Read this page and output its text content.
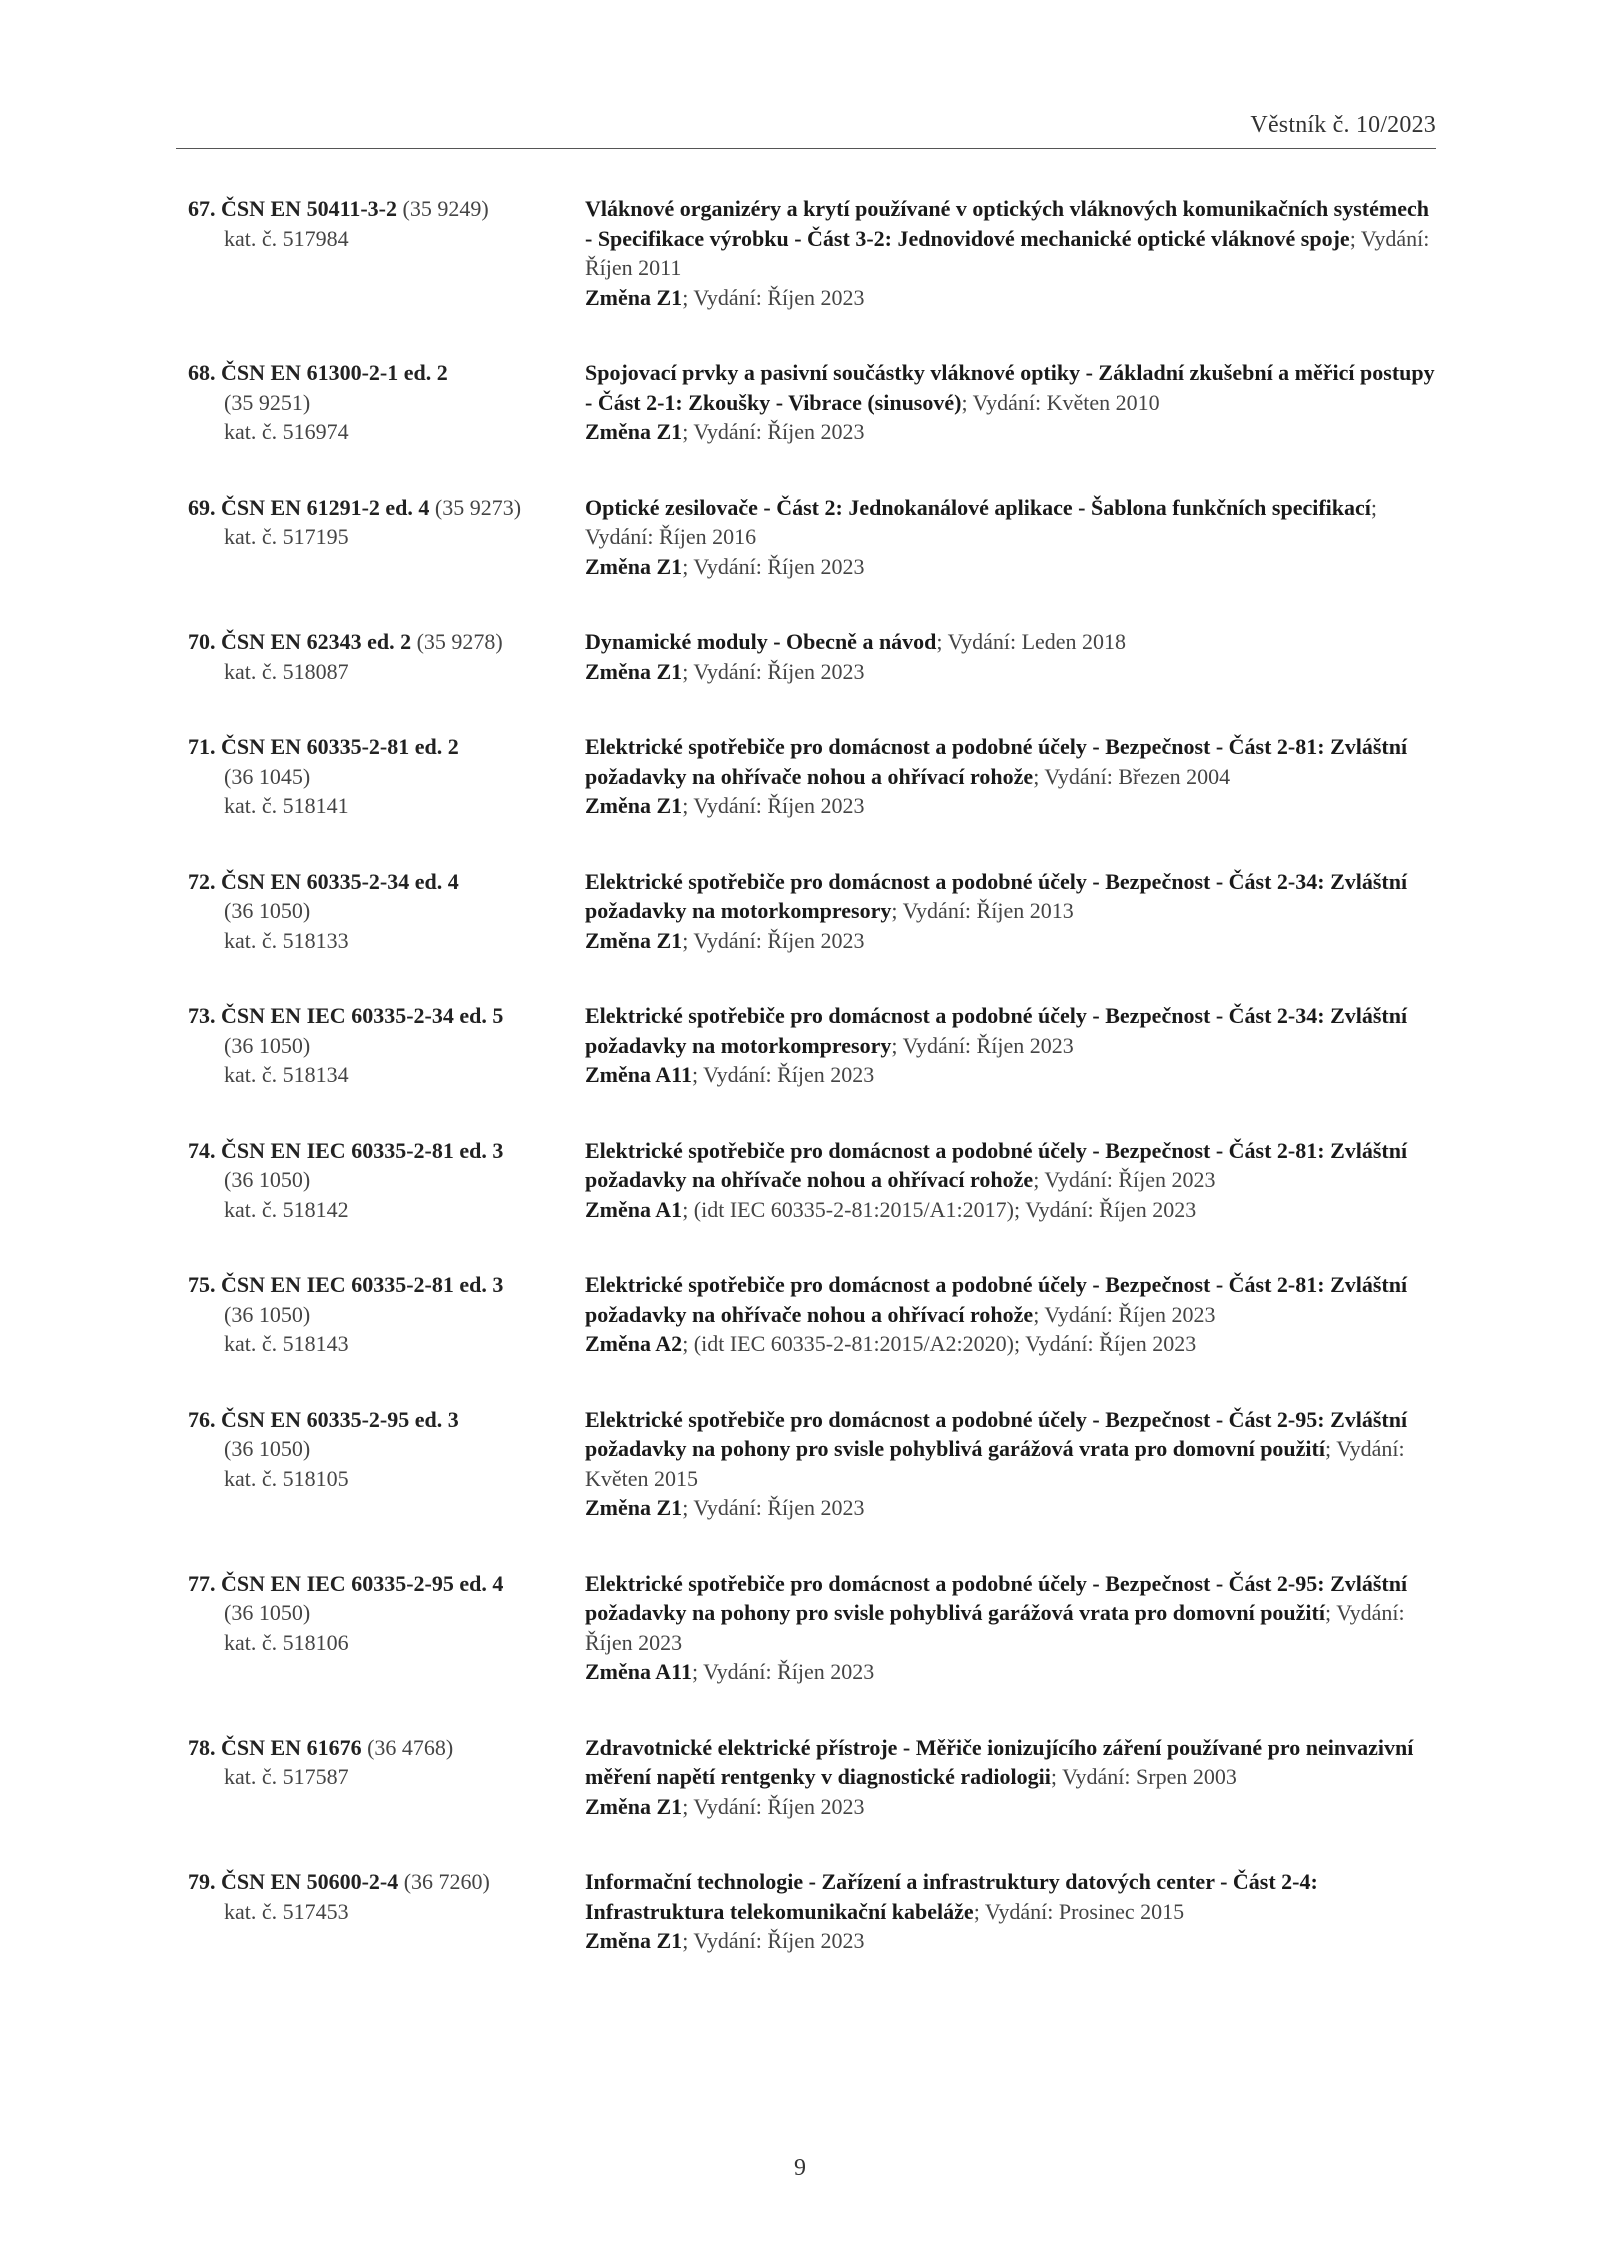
Věstník č. 10/2023
67. ČSN EN 50411-3-2 (35 9249)
kat. č. 517984
Vláknové organizéry a krytí používané v optických vláknových komunikačních systémech - Specifikace výrobku - Část 3-2: Jednovidové mechanické optické vláknové spoje; Vydání: Říjen 2011
Změna Z1; Vydání: Říjen 2023
68. ČSN EN 61300-2-1 ed. 2
(35 9251)
kat. č. 516974
Spojovací prvky a pasivní součástky vláknové optiky - Základní zkušební a měřicí postupy - Část 2-1: Zkoušky - Vibrace (sinusové); Vydání: Květen 2010
Změna Z1; Vydání: Říjen 2023
69. ČSN EN 61291-2 ed. 4 (35 9273)
kat. č. 517195
Optické zesilovače - Část 2: Jednokanálové aplikace - Šablona funkčních specifikací; Vydání: Říjen 2016
Změna Z1; Vydání: Říjen 2023
70. ČSN EN 62343 ed. 2 (35 9278)
kat. č. 518087
Dynamické moduly - Obecně a návod; Vydání: Leden 2018
Změna Z1; Vydání: Říjen 2023
71. ČSN EN 60335-2-81 ed. 2
(36 1045)
kat. č. 518141
Elektrické spotřebiče pro domácnost a podobné účely - Bezpečnost - Část 2-81: Zvláštní požadavky na ohřívače nohou a ohřívací rohože; Vydání: Březen 2004
Změna Z1; Vydání: Říjen 2023
72. ČSN EN 60335-2-34 ed. 4
(36 1050)
kat. č. 518133
Elektrické spotřebiče pro domácnost a podobné účely - Bezpečnost - Část 2-34: Zvláštní požadavky na motorkompresory; Vydání: Říjen 2013
Změna Z1; Vydání: Říjen 2023
73. ČSN EN IEC 60335-2-34 ed. 5
(36 1050)
kat. č. 518134
Elektrické spotřebiče pro domácnost a podobné účely - Bezpečnost - Část 2-34: Zvláštní požadavky na motorkompresory; Vydání: Říjen 2023
Změna A11; Vydání: Říjen 2023
74. ČSN EN IEC 60335-2-81 ed. 3
(36 1050)
kat. č. 518142
Elektrické spotřebiče pro domácnost a podobné účely - Bezpečnost - Část 2-81: Zvláštní požadavky na ohřívače nohou a ohřívací rohože; Vydání: Říjen 2023
Změna A1; (idt IEC 60335-2-81:2015/A1:2017); Vydání: Říjen 2023
75. ČSN EN IEC 60335-2-81 ed. 3
(36 1050)
kat. č. 518143
Elektrické spotřebiče pro domácnost a podobné účely - Bezpečnost - Část 2-81: Zvláštní požadavky na ohřívače nohou a ohřívací rohože; Vydání: Říjen 2023
Změna A2; (idt IEC 60335-2-81:2015/A2:2020); Vydání: Říjen 2023
76. ČSN EN 60335-2-95 ed. 3
(36 1050)
kat. č. 518105
Elektrické spotřebiče pro domácnost a podobné účely - Bezpečnost - Část 2-95: Zvláštní požadavky na pohony pro svisle pohyblivá garážová vrata pro domovní použití; Vydání: Květen 2015
Změna Z1; Vydání: Říjen 2023
77. ČSN EN IEC 60335-2-95 ed. 4
(36 1050)
kat. č. 518106
Elektrické spotřebiče pro domácnost a podobné účely - Bezpečnost - Část 2-95: Zvláštní požadavky na pohony pro svisle pohyblivá garážová vrata pro domovní použití; Vydání: Říjen 2023
Změna A11; Vydání: Říjen 2023
78. ČSN EN 61676 (36 4768)
kat. č. 517587
Zdravotnické elektrické přístroje - Měřiče ionizujícího záření používané pro neinvazivní měření napětí rentgenky v diagnostické radiologii; Vydání: Srpen 2003
Změna Z1; Vydání: Říjen 2023
79. ČSN EN 50600-2-4 (36 7260)
kat. č. 517453
Informační technologie - Zařízení a infrastruktury datových center - Část 2-4: Infrastruktura telekomunikační kabeláže; Vydání: Prosinec 2015
Změna Z1; Vydání: Říjen 2023
9
